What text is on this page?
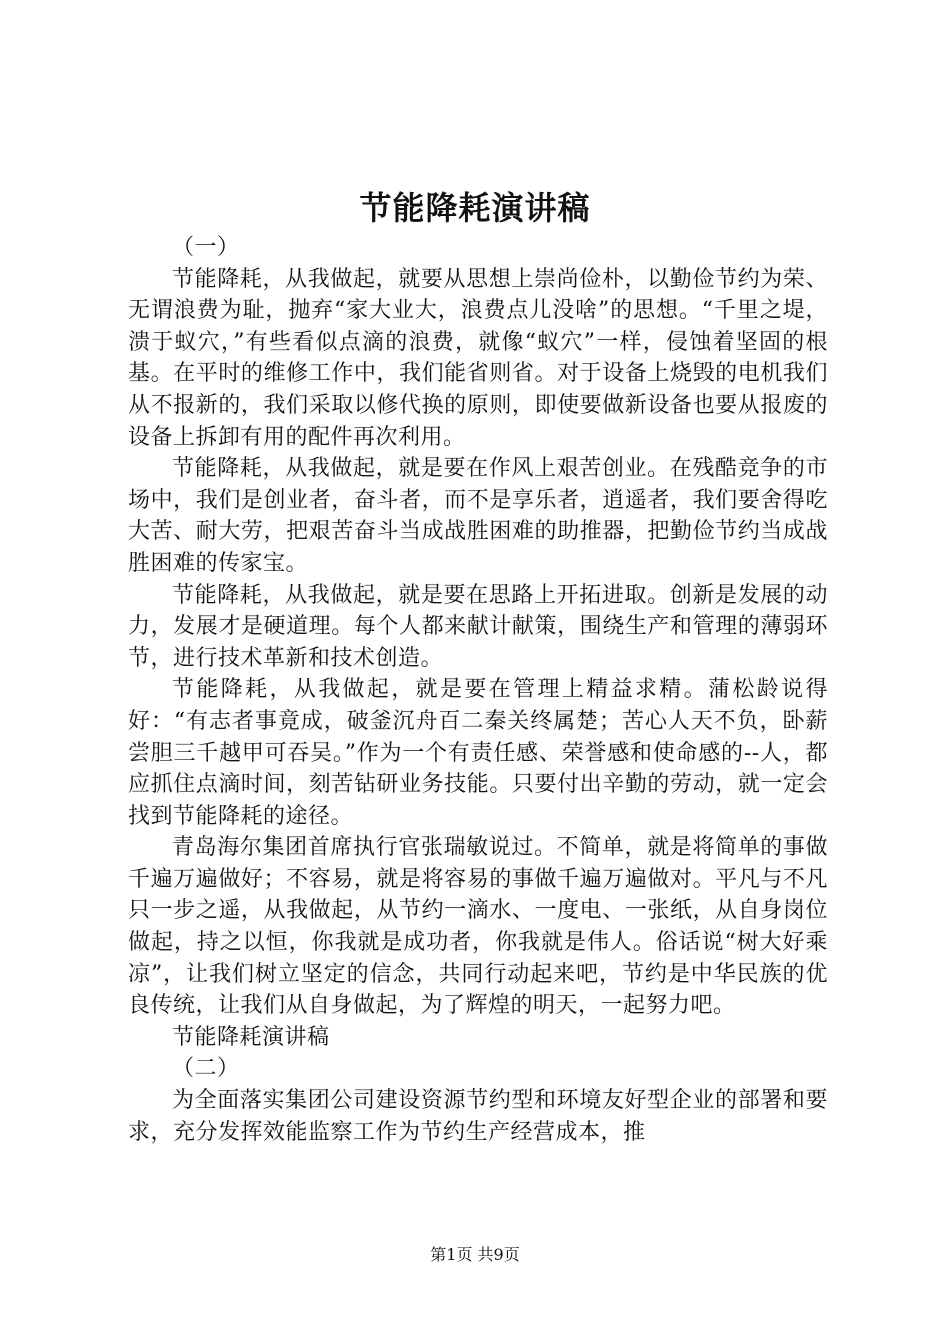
节能降耗演讲稿

（一）

节能降耗，从我做起，就要从思想上崇尚俭朴，以勤俭节约为荣、无谓浪费为耻，抛弃“家大业大，浪费点儿没啥”的思想。“千里之堤，溃于蚁穴，”有些看似点滴的浪费，就像“蚁穴”一样，侵蚀着坚固的根基。在平时的维修工作中，我们能省则省。对于设备上烧毁的电机我们从不报新的，我们采取以修代换的原则，即使要做新设备也要从报废的设备上拆卸有用的配件再次利用。

节能降耗，从我做起，就是要在作风上艰苦创业。在残酷竞争的市场中，我们是创业者，奋斗者，而不是享乐者，逍遥者，我们要舍得吃大苦、耐大劳，把艰苦奋斗当成战胜困难的助推器，把勤俭节约当成战胜困难的传家宝。

节能降耗，从我做起，就是要在思路上开拓进取。创新是发展的动力，发展才是硬道理。每个人都来献计献策，围绕生产和管理的薄弱环节，进行技术革新和技术创造。

节能降耗，从我做起，就是要在管理上精益求精。蒲松龄说得好：“有志者事竟成，破釜沉舟百二秦关终属楚；苦心人天不负，卧薪尝胆三千越甲可吞吴。”作为一个有责任感、荣誉感和使命感的--人，都应抓住点滴时间，刻苦钻研业务技能。只要付出辛勤的劳动，就一定会找到节能降耗的途径。

青岛海尔集团首席执行官张瑞敏说过。不简单，就是将简单的事做千遍万遍做好；不容易，就是将容易的事做千遍万遍做对。平凡与不凡只一步之遥，从我做起，从节约一滴水、一度电、一张纸，从自身岗位做起，持之以恒，你我就是成功者，你我就是伟人。俗话说“树大好乘凉”，让我们树立坚定的信念，共同行动起来吧，节约是中华民族的优良传统，让我们从自身做起，为了辉煌的明天，一起努力吧。

节能降耗演讲稿

（二）

为全面落实集团公司建设资源节约型和环境友好型企业的部署和要求，充分发挥效能监察工作为节约生产经营成本，推

第1页 共9页
